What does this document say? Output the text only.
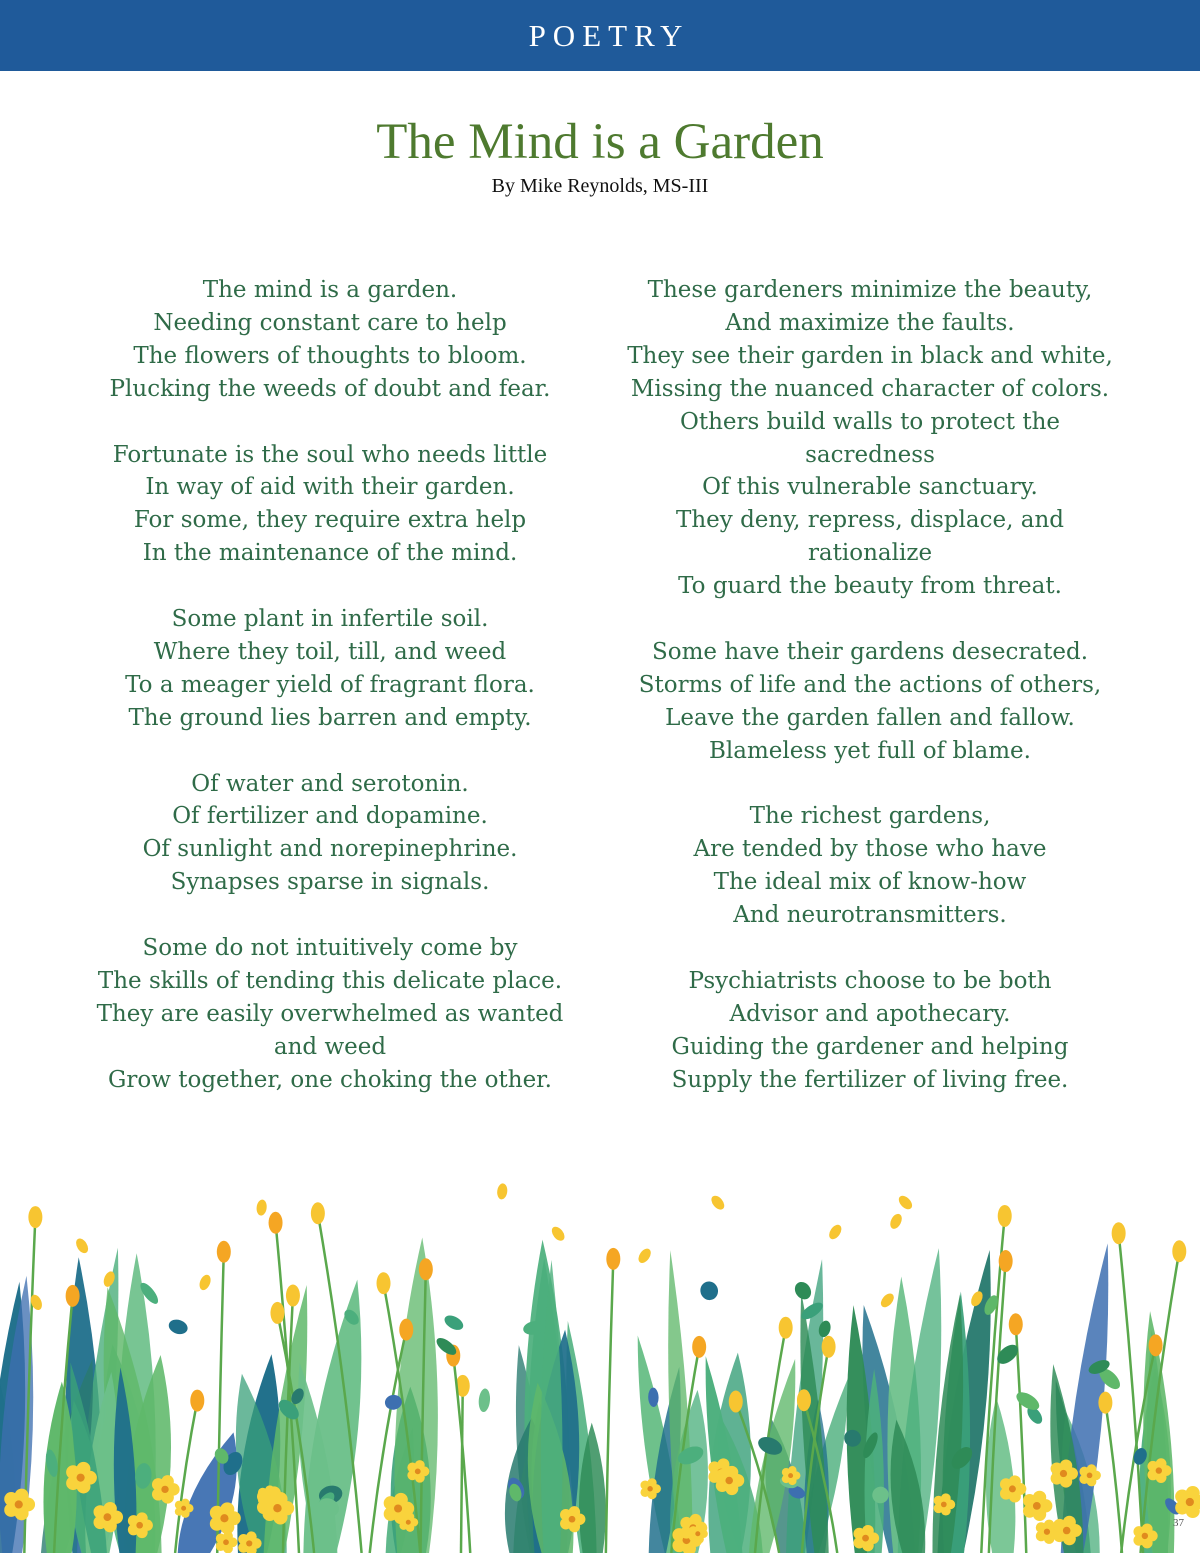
POETRY
The Mind is a Garden
By Mike Reynolds, MS-III
The mind is a garden.
Needing constant care to help
The flowers of thoughts to bloom.
Plucking the weeds of doubt and fear.
Fortunate is the soul who needs little
In way of aid with their garden.
For some, they require extra help
In the maintenance of the mind.
Some plant in infertile soil.
Where they toil, till, and weed
To a meager yield of fragrant flora.
The ground lies barren and empty.
Of water and serotonin.
Of fertilizer and dopamine.
Of sunlight and norepinephrine.
Synapses sparse in signals.
Some do not intuitively come by
The skills of tending this delicate place.
They are easily overwhelmed as wanted
and weed
Grow together, one choking the other.
These gardeners minimize the beauty,
And maximize the faults.
They see their garden in black and white,
Missing the nuanced character of colors.
Others build walls to protect the
sacredness
Of this vulnerable sanctuary.
They deny, repress, displace, and
rationalize
To guard the beauty from threat.
Some have their gardens desecrated.
Storms of life and the actions of others,
Leave the garden fallen and fallow.
Blameless yet full of blame.
The richest gardens,
Are tended by those who have
The ideal mix of know-how
And neurotransmitters.
Psychiatrists choose to be both
Advisor and apothecary.
Guiding the gardener and helping
Supply the fertilizer of living free.
37
